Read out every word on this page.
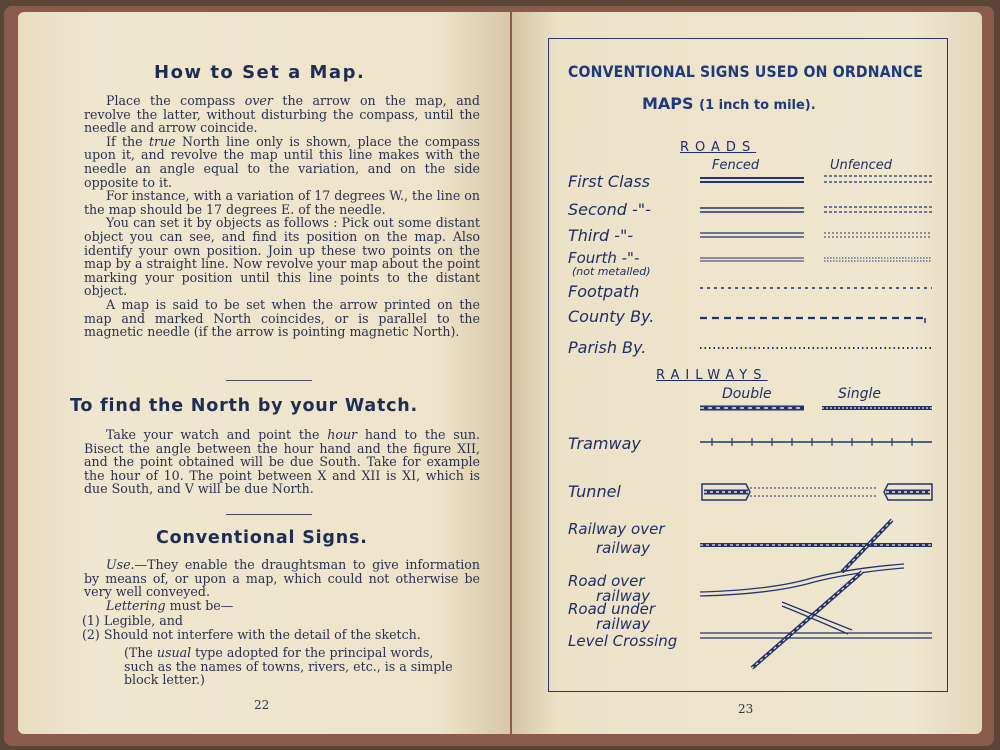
How to Set a Map.

Place the compass over the arrow on the map, and revolve the latter, without disturbing the compass, until the needle and arrow coincide.

If the true North line only is shown, place the compass upon it, and revolve the map until this line makes with the needle an angle equal to the variation, and on the side opposite to it.

For instance, with a variation of 17 degrees W., the line on the map should be 17 degrees E. of the needle.

You can set it by objects as follows : Pick out some distant object you can see, and find its position on the map. Also identify your own position. Join up these two points on the map by a straight line. Now revolve your map about the point marking your position until this line points to the distant object.

A map is said to be set when the arrow printed on the map and marked North coincides, or is parallel to the magnetic needle (if the arrow is pointing magnetic North).

To find the North by your Watch.

Take your watch and point the hour hand to the sun. Bisect the angle between the hour hand and the figure XII, and the point obtained will be due South. Take for example the hour of 10. The point between X and XII is XI, which is due South, and V will be due North.

Conventional Signs.

Use.—They enable the draughtsman to give information by means of, or upon a map, which could not otherwise be very well conveyed.

Lettering must be—

(1) Legible, and
(2) Should not interfere with the detail of the sketch.

(The usual type adopted for the principal words, such as the names of towns, rivers, etc., is a simple block letter.)

22
CONVENTIONAL SIGNS USED ON ORDNANCE
MAPS (1 inch to mile).
ROADS
Fenced	Unfenced
First Class
Second -"-
Third -"-
Fourth -"-
(not metalled)
Footpath
County By.
Parish By.
RAILWAYS
Double	Single
Tramway
Tunnel
Railway over
railway
Road over
railway
Road under
railway
Level Crossing
23
